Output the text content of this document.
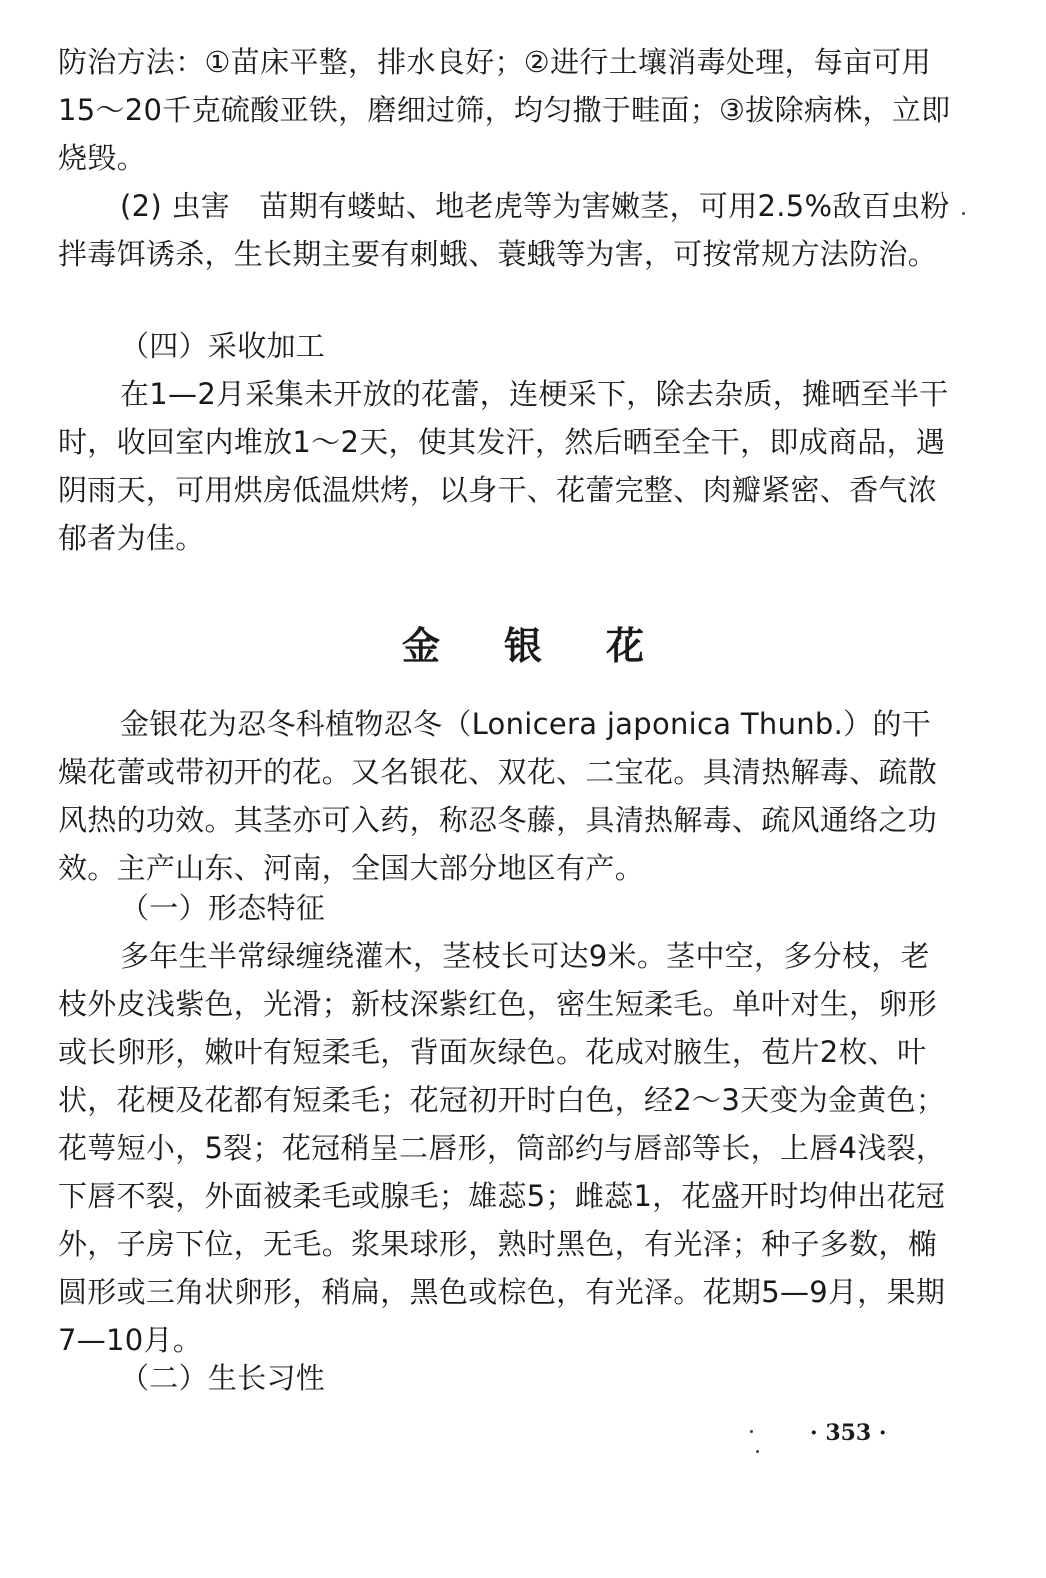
防治方法：①苗床平整，排水良好；②进行土壤消毒处理，每亩可用15～20千克硫酸亚铁，磨细过筛，均匀撒于畦面；③拔除病株，立即烧毁。

(2) 虫害　苗期有蝼蛄、地老虎等为害嫩茎，可用2.5%敌百虫粉拌毒饵诱杀，生长期主要有刺蛾、蓑蛾等为害，可按常规方法防治。

（四）采收加工

在1—2月采集未开放的花蕾，连梗采下，除去杂质，摊晒至半干时，收回室内堆放1～2天，使其发汗，然后晒至全干，即成商品，遇阴雨天，可用烘房低温烘烤，以身干、花蕾完整、肉瓣紧密、香气浓郁者为佳。

金银花

金银花为忍冬科植物忍冬（Lonicera japonica Thunb.）的干燥花蕾或带初开的花。又名银花、双花、二宝花。具清热解毒、疏散风热的功效。其茎亦可入药，称忍冬藤，具清热解毒、疏风通络之功效。主产山东、河南，全国大部分地区有产。

（一）形态特征

多年生半常绿缠绕灌木，茎枝长可达9米。茎中空，多分枝，老枝外皮浅紫色，光滑；新枝深紫红色，密生短柔毛。单叶对生，卵形或长卵形，嫩叶有短柔毛，背面灰绿色。花成对腋生，苞片2枚、叶状，花梗及花都有短柔毛；花冠初开时白色，经2～3天变为金黄色；花萼短小，5裂；花冠稍呈二唇形，筒部约与唇部等长，上唇4浅裂，下唇不裂，外面被柔毛或腺毛；雄蕊5；雌蕊1，花盛开时均伸出花冠外，子房下位，无毛。浆果球形，熟时黑色，有光泽；种子多数，椭圆形或三角状卵形，稍扁，黑色或棕色，有光泽。花期5—9月，果期7—10月。

（二）生长习性

· 353 ·
